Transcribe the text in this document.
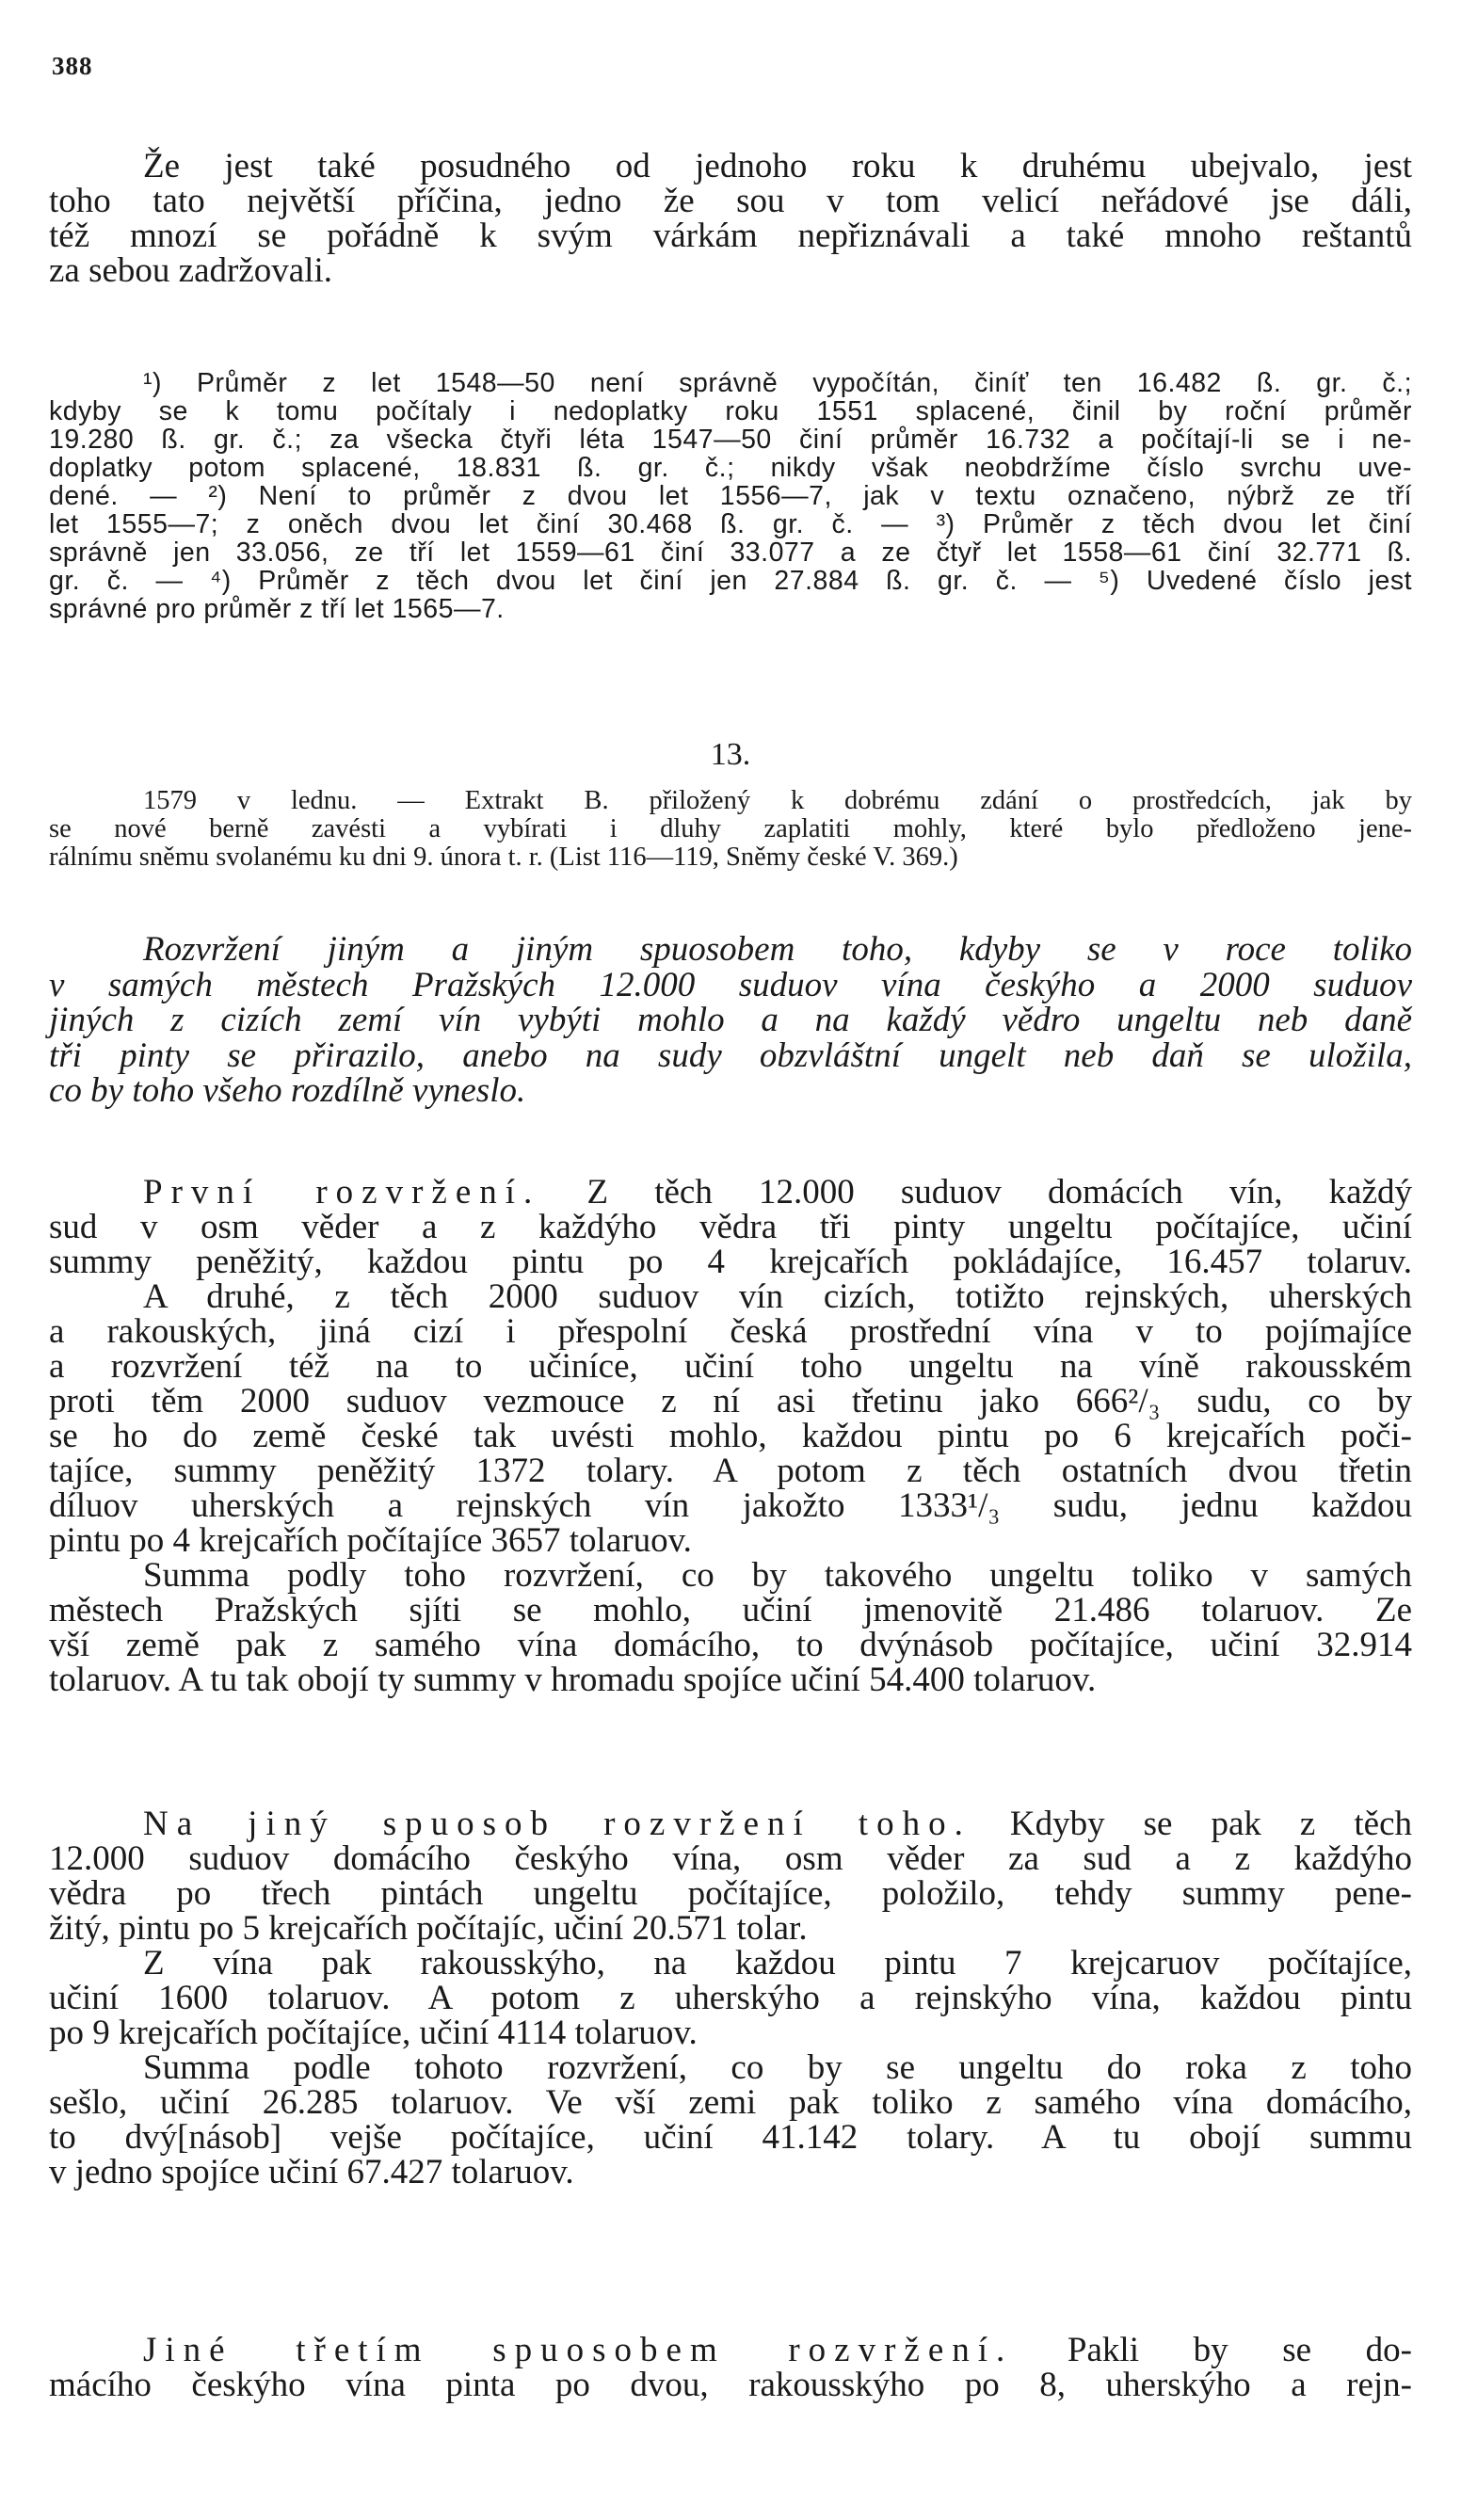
388
Že jest také posudného od jednoho roku k druhému ubejvalo, jest
toho tato největší příčina, jedno že sou v tom velicí neřádové jse dáli,
též mnozí se pořádně k svým várkám nepřiznávali a také mnoho reštantů
za sebou zadržovali.
¹) Průměr z let 1548—50 není správně vypočítán, činíť ten 16.482 ß. gr. č.;
kdyby se k tomu počítaly i nedoplatky roku 1551 splacené, činil by roční průměr
19.280 ß. gr. č.; za všecka čtyři léta 1547—50 činí průměr 16.732 a počítají-li se i ne-
doplatky potom splacené, 18.831 ß. gr. č.; nikdy však neobdržíme číslo svrchu uve-
dené. — ²) Není to průměr z dvou let 1556—7, jak v textu označeno, nýbrž ze tří
let 1555—7; z oněch dvou let činí 30.468 ß. gr. č. — ³) Průměr z těch dvou let činí
správně jen 33.056, ze tří let 1559—61 činí 33.077 a ze čtyř let 1558—61 činí 32.771 ß.
gr. č. — ⁴) Průměr z těch dvou let činí jen 27.884 ß. gr. č. — ⁵) Uvedené číslo jest
správné pro průměr z tří let 1565—7.
13.
1579 v lednu. — Extrakt B. přiložený k dobrému zdání o prostředcích, jak by
se nové berně zavésti a vybírati i dluhy zaplatiti mohly, které bylo předloženo jene-
rálnímu sněmu svolanému ku dni 9. února t. r. (List 116—119, Sněmy české V. 369.)
Rozvržení jiným a jiným spuosobem toho, kdyby se v roce toliko
v samých městech Pražských 12.000 suduov vína českýho a 2000 suduov
jiných z cizích zemí vín vybýti mohlo a na každý vědro ungeltu neb daně
tři pinty se přirazilo, anebo na sudy obzvláštní ungelt neb daň se uložila,
co by toho všeho rozdílně vyneslo.
První rozvržení. Z těch 12.000 suduov domácích vín, každý
sud v osm věder a z každýho vědra tři pinty ungeltu počítajíce, učiní
summy peněžitý, každou pintu po 4 krejcařích pokládajíce, 16.457 tolaruv.
A druhé, z těch 2000 suduov vín cizích, totižto rejnských, uherských
a rakouských, jiná cizí i přespolní česká prostřední vína v to pojímajíce
a rozvržení též na to učiníce, učiní toho ungeltu na víně rakousském
proti těm 2000 suduov vezmouce z ní asi třetinu jako 666²/₃ sudu, co by
se ho do země české tak uvésti mohlo, každou pintu po 6 krejcařích poči-
tajíce, summy peněžitý 1372 tolary. A potom z těch ostatních dvou třetin
díluov uherských a rejnských vín jakožto 1333¹/₃ sudu, jednu každou
pintu po 4 krejcařích počítajíce 3657 tolaruov.
Summa podly toho rozvržení, co by takového ungeltu toliko v samých
městech Pražských sjíti se mohlo, učiní jmenovitě 21.486 tolaruov. Ze
vší země pak z samého vína domácího, to dvýnásob počítajíce, učiní 32.914
tolaruov. A tu tak obojí ty summy v hromadu spojíce učiní 54.400 tolaruov.
Na jiný spuosob rozvržení toho. Kdyby se pak z těch
12.000 suduov domácího českýho vína, osm věder za sud a z každýho
vědra po třech pintách ungeltu počítajíce, položilo, tehdy summy pene-
žitý, pintu po 5 krejcařích počítajíc, učiní 20.571 tolar.
Z vína pak rakousskýho, na každou pintu 7 krejcaruov počítajíce,
učiní 1600 tolaruov. A potom z uherskýho a rejnskýho vína, každou pintu
po 9 krejcařích počítajíce, učiní 4114 tolaruov.
Summa podle tohoto rozvržení, co by se ungeltu do roka z toho
sešlo, učiní 26.285 tolaruov. Ve vší zemi pak toliko z samého vína domácího,
to dvý[násob] vejše počítajíce, učiní 41.142 tolary. A tu obojí summu
v jedno spojíce učiní 67.427 tolaruov.
Jiné třetím spuosobem rozvržení. Pakli by se do-
mácího českýho vína pinta po dvou, rakousskýho po 8, uherskýho a rejn-
